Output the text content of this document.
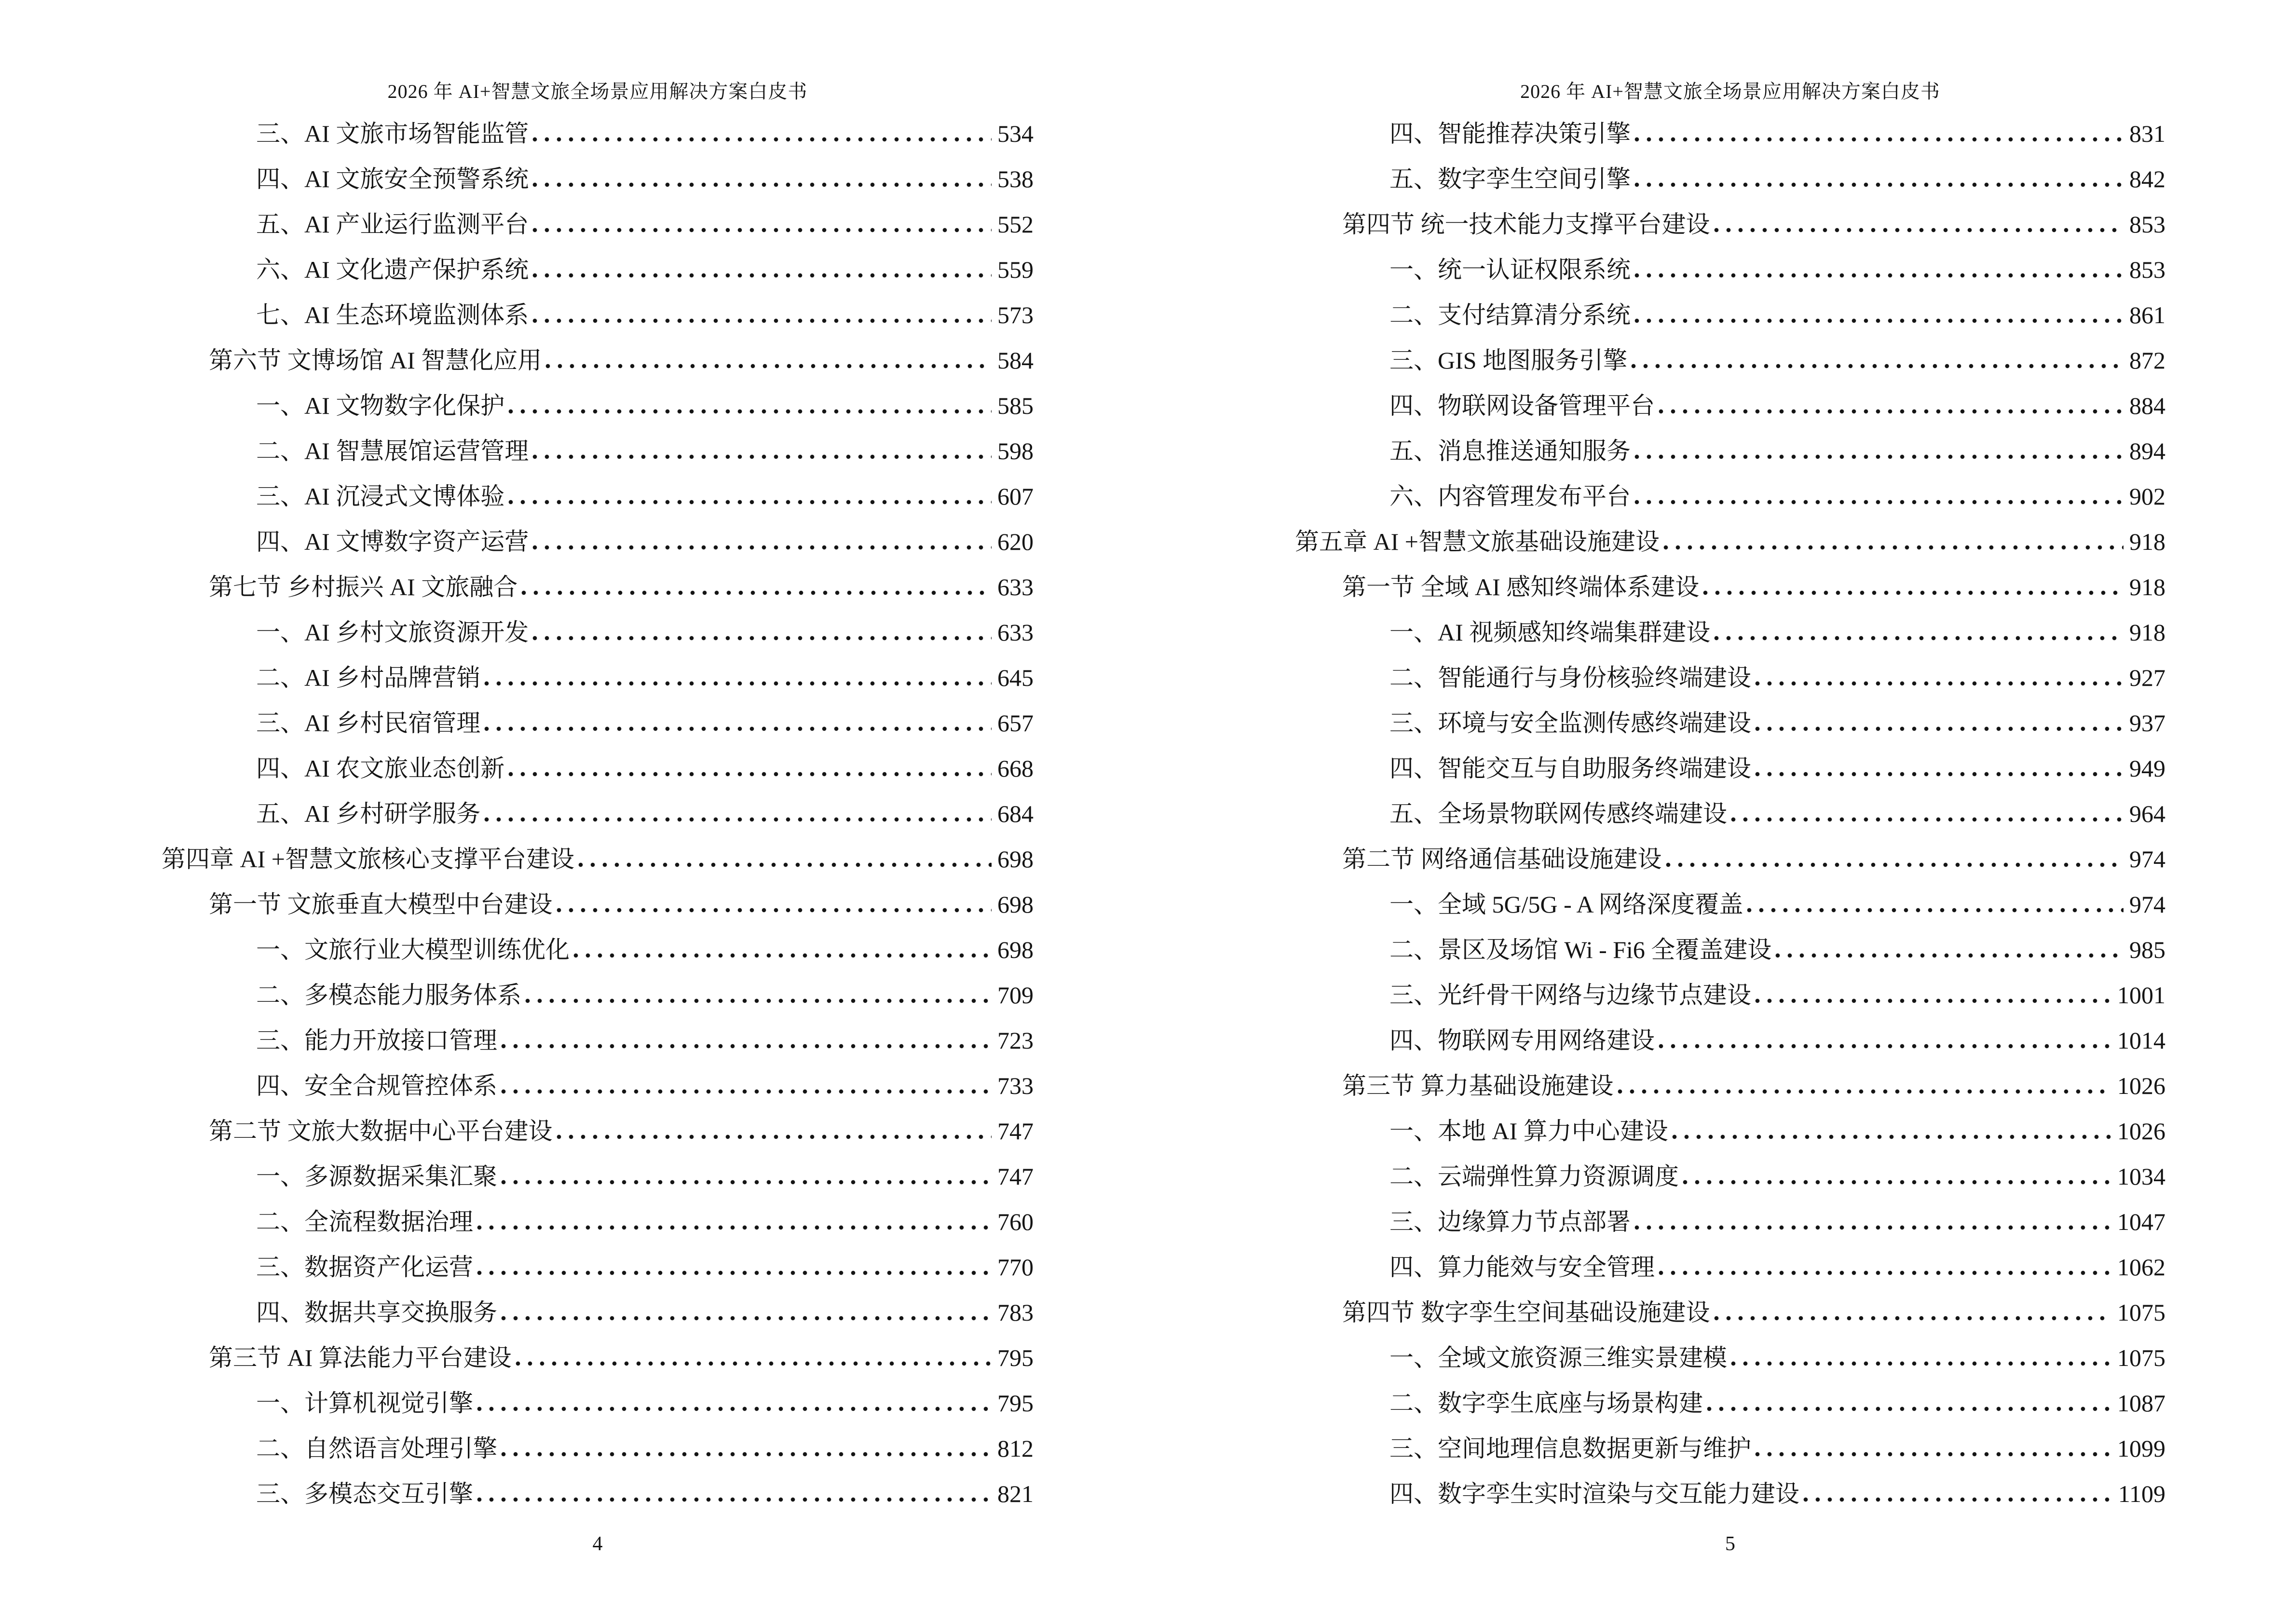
2026 年 AI+智慧文旅全场景应用解决方案白皮书
三、AI 文旅市场智能监管	534
四、AI 文旅安全预警系统	538
五、AI 产业运行监测平台	552
六、AI 文化遗产保护系统	559
七、AI 生态环境监测体系	573
第六节 文博场馆 AI 智慧化应用	584
一、AI 文物数字化保护	585
二、AI 智慧展馆运营管理	598
三、AI 沉浸式文博体验	607
四、AI 文博数字资产运营	620
第七节 乡村振兴 AI 文旅融合	633
一、AI 乡村文旅资源开发	633
二、AI 乡村品牌营销	645
三、AI 乡村民宿管理	657
四、AI 农文旅业态创新	668
五、AI 乡村研学服务	684
第四章 AI +智慧文旅核心支撑平台建设	698
第一节 文旅垂直大模型中台建设	698
一、文旅行业大模型训练优化	698
二、多模态能力服务体系	709
三、能力开放接口管理	723
四、安全合规管控体系	733
第二节 文旅大数据中心平台建设	747
一、多源数据采集汇聚	747
二、全流程数据治理	760
三、数据资产化运营	770
四、数据共享交换服务	783
第三节 AI 算法能力平台建设	795
一、计算机视觉引擎	795
二、自然语言处理引擎	812
三、多模态交互引擎	821
4
2026 年 AI+智慧文旅全场景应用解决方案白皮书
四、智能推荐决策引擎	831
五、数字孪生空间引擎	842
第四节 统一技术能力支撑平台建设	853
一、统一认证权限系统	853
二、支付结算清分系统	861
三、GIS 地图服务引擎	872
四、物联网设备管理平台	884
五、消息推送通知服务	894
六、内容管理发布平台	902
第五章 AI +智慧文旅基础设施建设	918
第一节 全域 AI 感知终端体系建设	918
一、AI 视频感知终端集群建设	918
二、智能通行与身份核验终端建设	927
三、环境与安全监测传感终端建设	937
四、智能交互与自助服务终端建设	949
五、全场景物联网传感终端建设	964
第二节 网络通信基础设施建设	974
一、全域 5G/5G - A 网络深度覆盖	974
二、景区及场馆 Wi - Fi6 全覆盖建设	985
三、光纤骨干网络与边缘节点建设	1001
四、物联网专用网络建设	1014
第三节 算力基础设施建设	1026
一、本地 AI 算力中心建设	1026
二、云端弹性算力资源调度	1034
三、边缘算力节点部署	1047
四、算力能效与安全管理	1062
第四节 数字孪生空间基础设施建设	1075
一、全域文旅资源三维实景建模	1075
二、数字孪生底座与场景构建	1087
三、空间地理信息数据更新与维护	1099
四、数字孪生实时渲染与交互能力建设	1109
5
